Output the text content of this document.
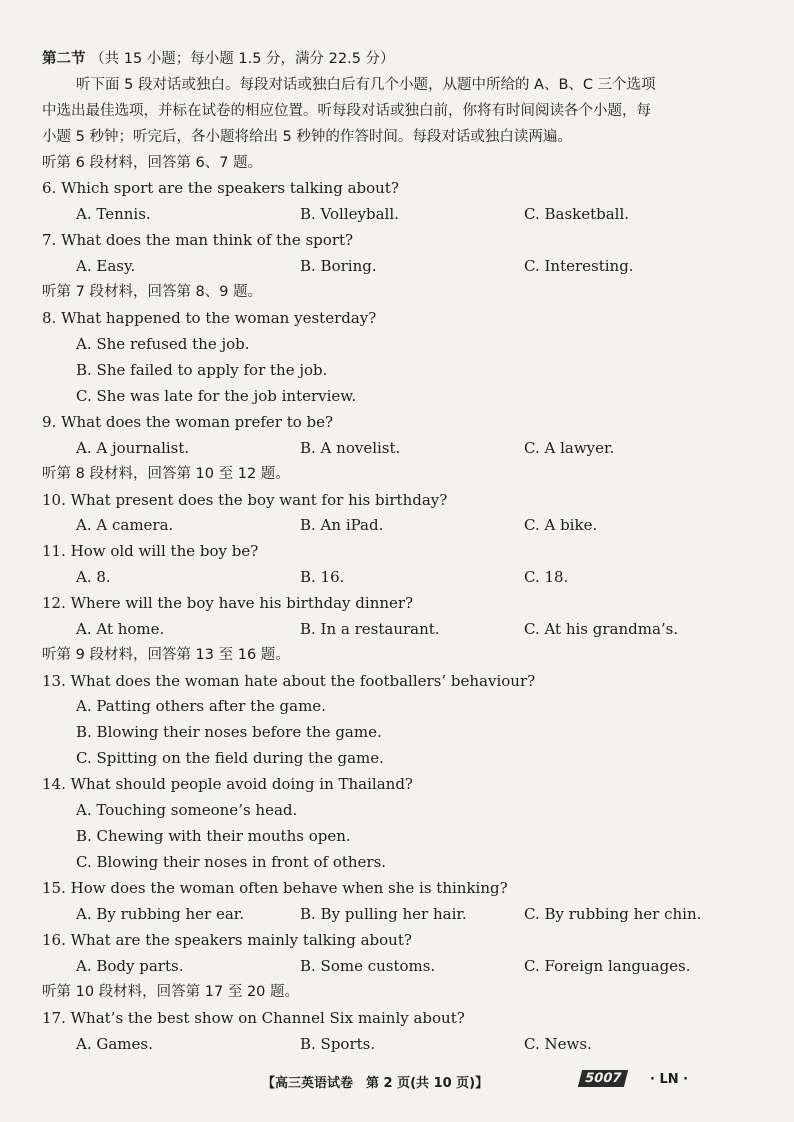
第二节 （共 15 小题；每小题 1.5 分，满分 22.5 分）
听下面 5 段对话或独白。每段对话或独白后有几个小题，从题中所给的 A、B、C 三个选项
中选出最佳选项，并标在试卷的相应位置。听每段对话或独白前，你将有时间阅读各个小题，每
小题 5 秒钟；听完后，各小题将给出 5 秒钟的作答时间。每段对话或独白读两遍。
听第 6 段材料，回答第 6、7 题。
6. Which sport are the speakers talking about?
A. Tennis.	B. Volleyball.	C. Basketball.
7. What does the man think of the sport?
A. Easy.	B. Boring.	C. Interesting.
听第 7 段材料，回答第 8、9 题。
8. What happened to the woman yesterday?
A. She refused the job.
B. She failed to apply for the job.
C. She was late for the job interview.
9. What does the woman prefer to be?
A. A journalist.	B. A novelist.	C. A lawyer.
听第 8 段材料，回答第 10 至 12 题。
10. What present does the boy want for his birthday?
A. A camera.	B. An iPad.	C. A bike.
11. How old will the boy be?
A. 8.	B. 16.	C. 18.
12. Where will the boy have his birthday dinner?
A. At home.	B. In a restaurant.	C. At his grandma’s.
听第 9 段材料，回答第 13 至 16 题。
13. What does the woman hate about the footballers’ behaviour?
A. Patting others after the game.
B. Blowing their noses before the game.
C. Spitting on the field during the game.
14. What should people avoid doing in Thailand?
A. Touching someone’s head.
B. Chewing with their mouths open.
C. Blowing their noses in front of others.
15. How does the woman often behave when she is thinking?
A. By rubbing her ear.	B. By pulling her hair.	C. By rubbing her chin.
16. What are the speakers mainly talking about?
A. Body parts.	B. Some customs.	C. Foreign languages.
听第 10 段材料，回答第 17 至 20 题。
17. What’s the best show on Channel Six mainly about?
A. Games.	B. Sports.	C. News.
【高三英语试卷　第 2 页(共 10 页)】	5007	· LN ·
